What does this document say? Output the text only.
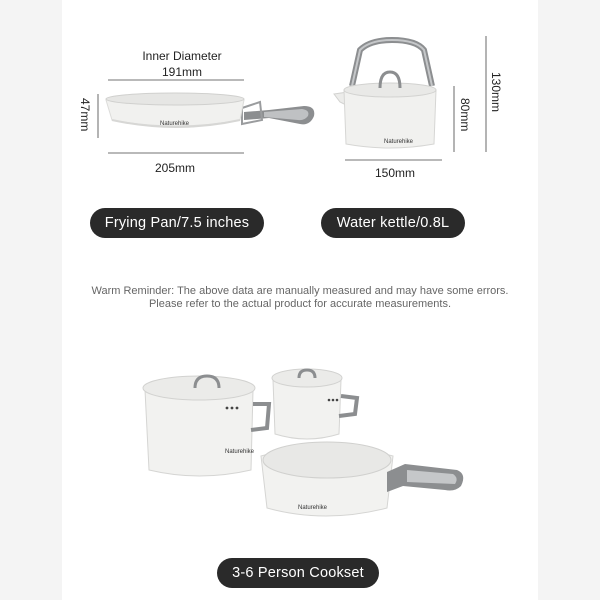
Inner Diameter
191mm
47mm	Naturehike
205mm
Frying Pan/7.5 inches
130mm
80mm
Naturehike
150mm
Water kettle/0.8L
Warm Reminder: The above data are manually measured and may have some errors.
Please refer to the actual product for accurate measurements.
Naturehike
Naturehike
3-6 Person Cookset
